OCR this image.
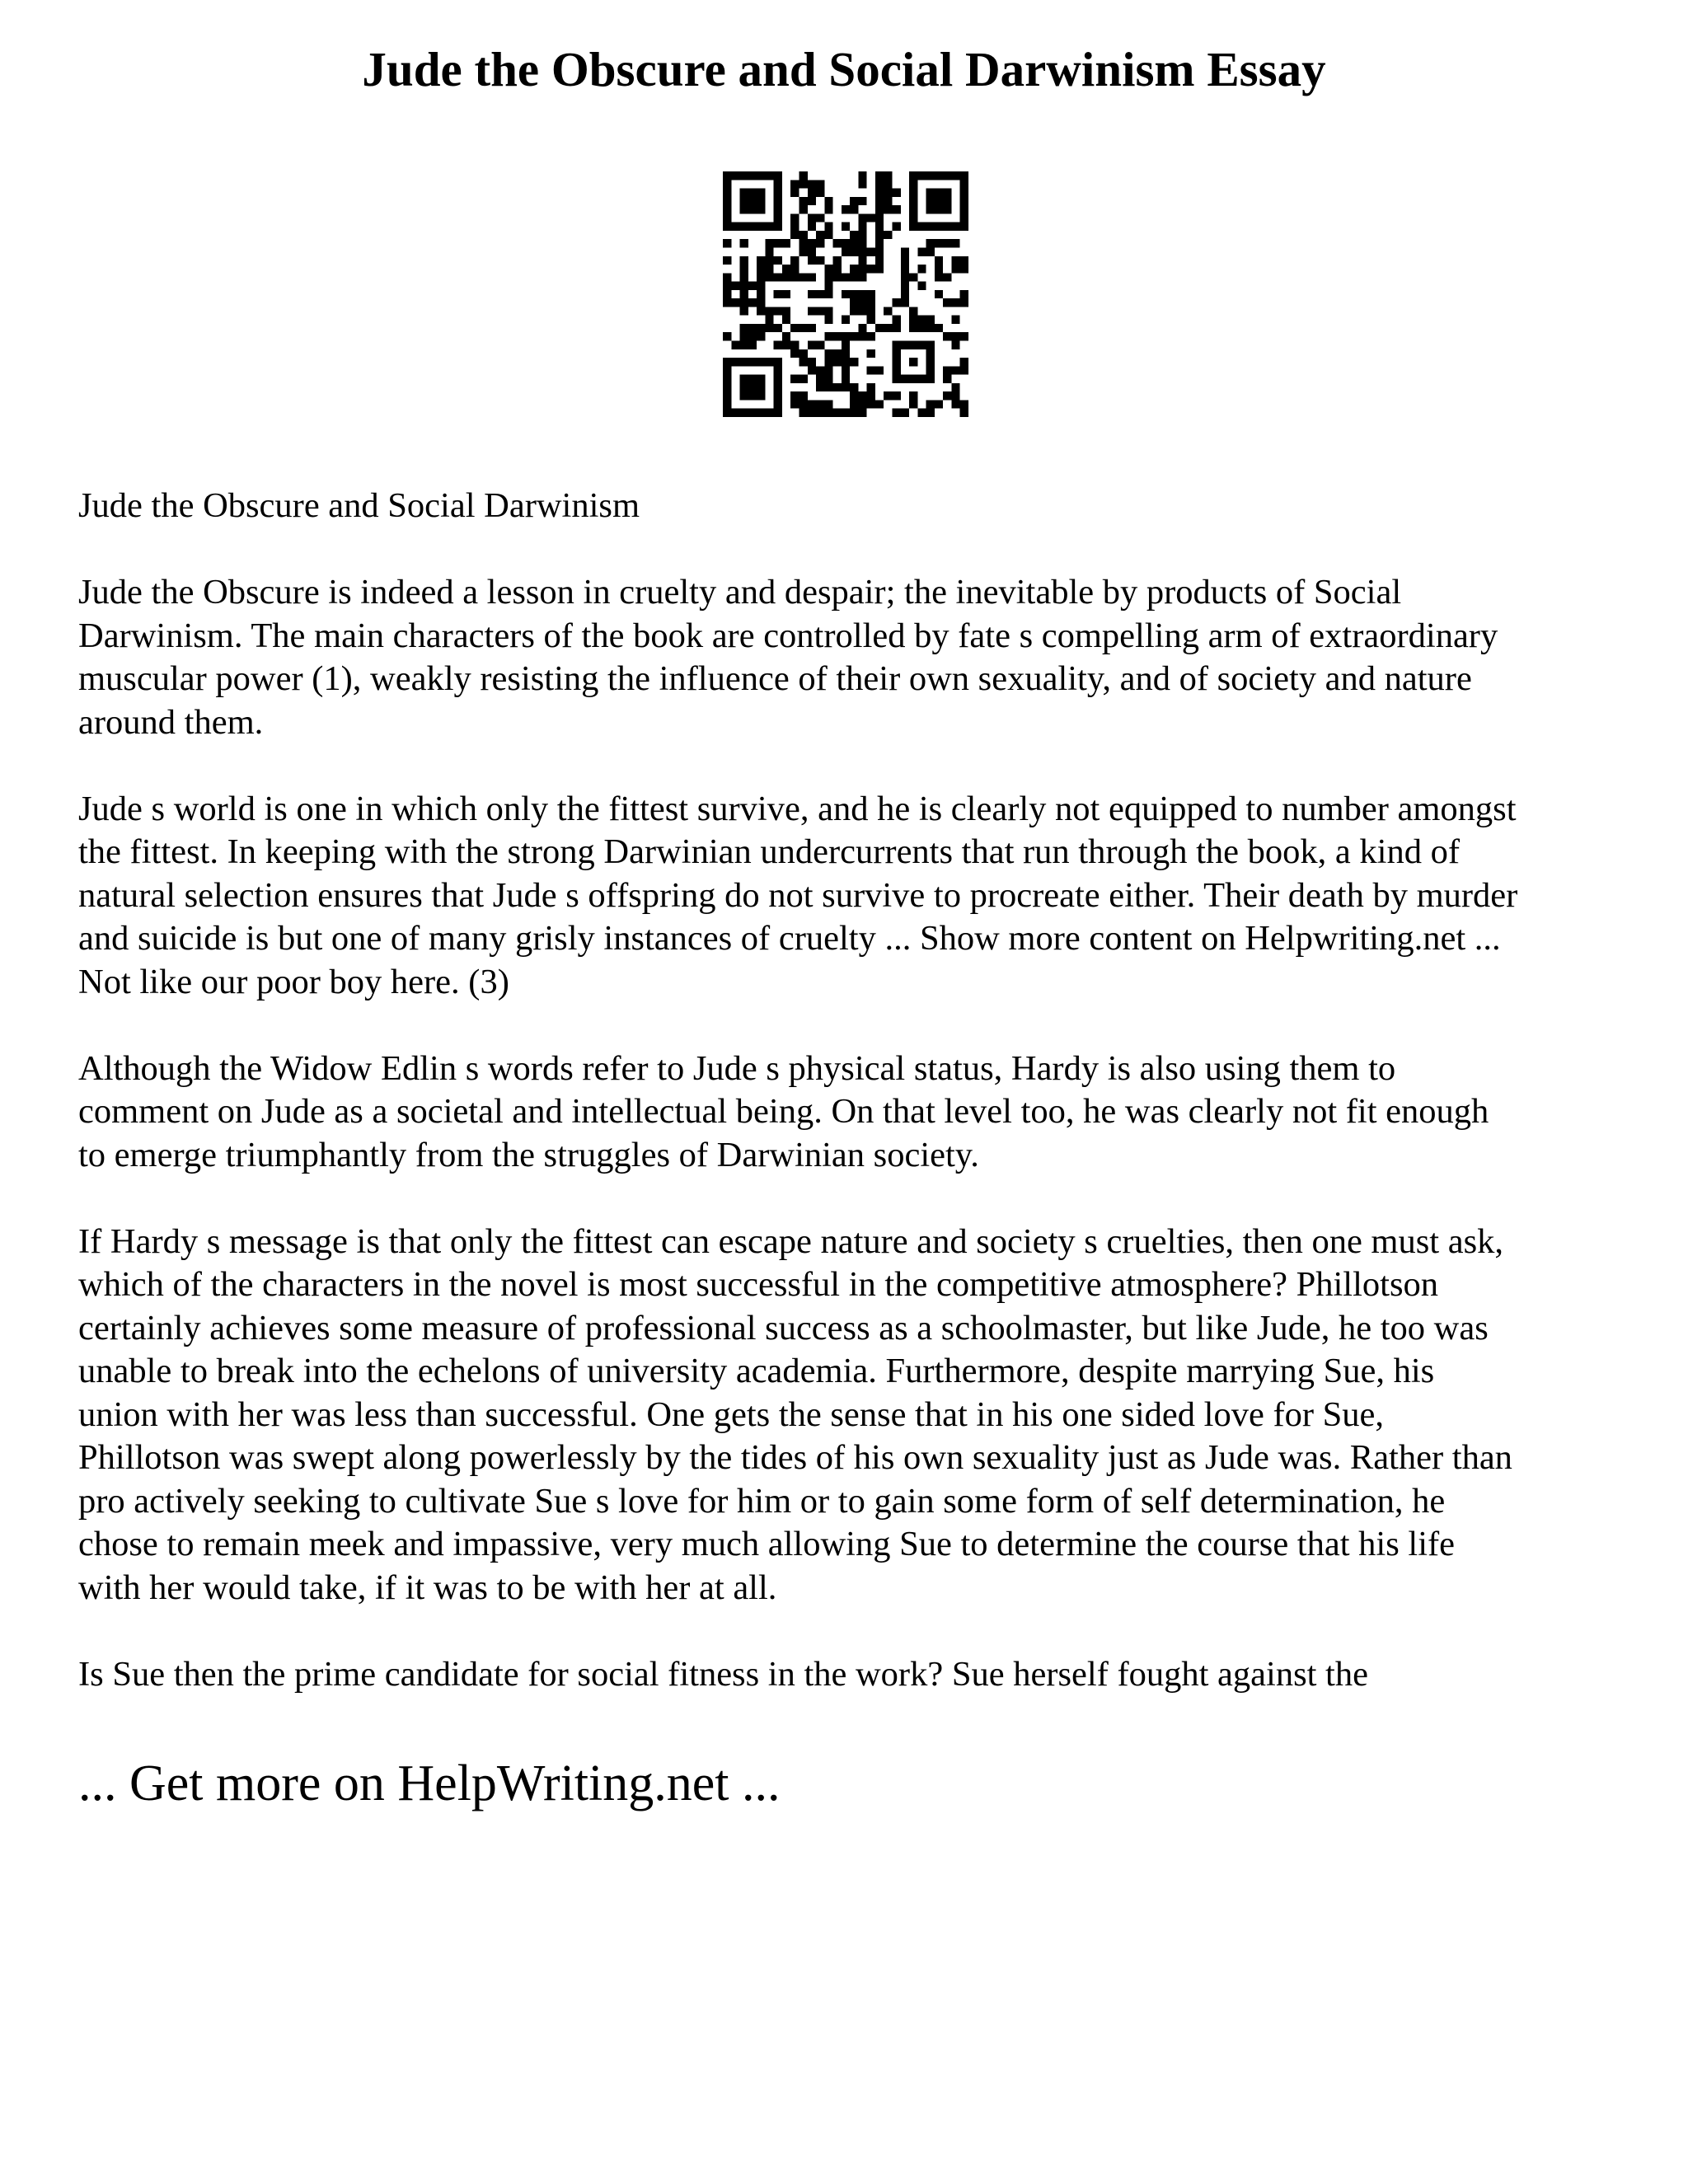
Jude the Obscure and Social Darwinism Essay

Jude the Obscure and Social Darwinism

Jude the Obscure is indeed a lesson in cruelty and despair; the inevitable by products of Social
Darwinism. The main characters of the book are controlled by fate s compelling arm of extraordinary
muscular power (1), weakly resisting the influence of their own sexuality, and of society and nature
around them.

Jude s world is one in which only the fittest survive, and he is clearly not equipped to number amongst
the fittest. In keeping with the strong Darwinian undercurrents that run through the book, a kind of
natural selection ensures that Jude s offspring do not survive to procreate either. Their death by murder
and suicide is but one of many grisly instances of cruelty ... Show more content on Helpwriting.net ...
Not like our poor boy here. (3)

Although the Widow Edlin s words refer to Jude s physical status, Hardy is also using them to
comment on Jude as a societal and intellectual being. On that level too, he was clearly not fit enough
to emerge triumphantly from the struggles of Darwinian society.

If Hardy s message is that only the fittest can escape nature and society s cruelties, then one must ask,
which of the characters in the novel is most successful in the competitive atmosphere? Phillotson
certainly achieves some measure of professional success as a schoolmaster, but like Jude, he too was
unable to break into the echelons of university academia. Furthermore, despite marrying Sue, his
union with her was less than successful. One gets the sense that in his one sided love for Sue,
Phillotson was swept along powerlessly by the tides of his own sexuality just as Jude was. Rather than
pro actively seeking to cultivate Sue s love for him or to gain some form of self determination, he
chose to remain meek and impassive, very much allowing Sue to determine the course that his life
with her would take, if it was to be with her at all.

Is Sue then the prime candidate for social fitness in the work? Sue herself fought against the

... Get more on HelpWriting.net ...
